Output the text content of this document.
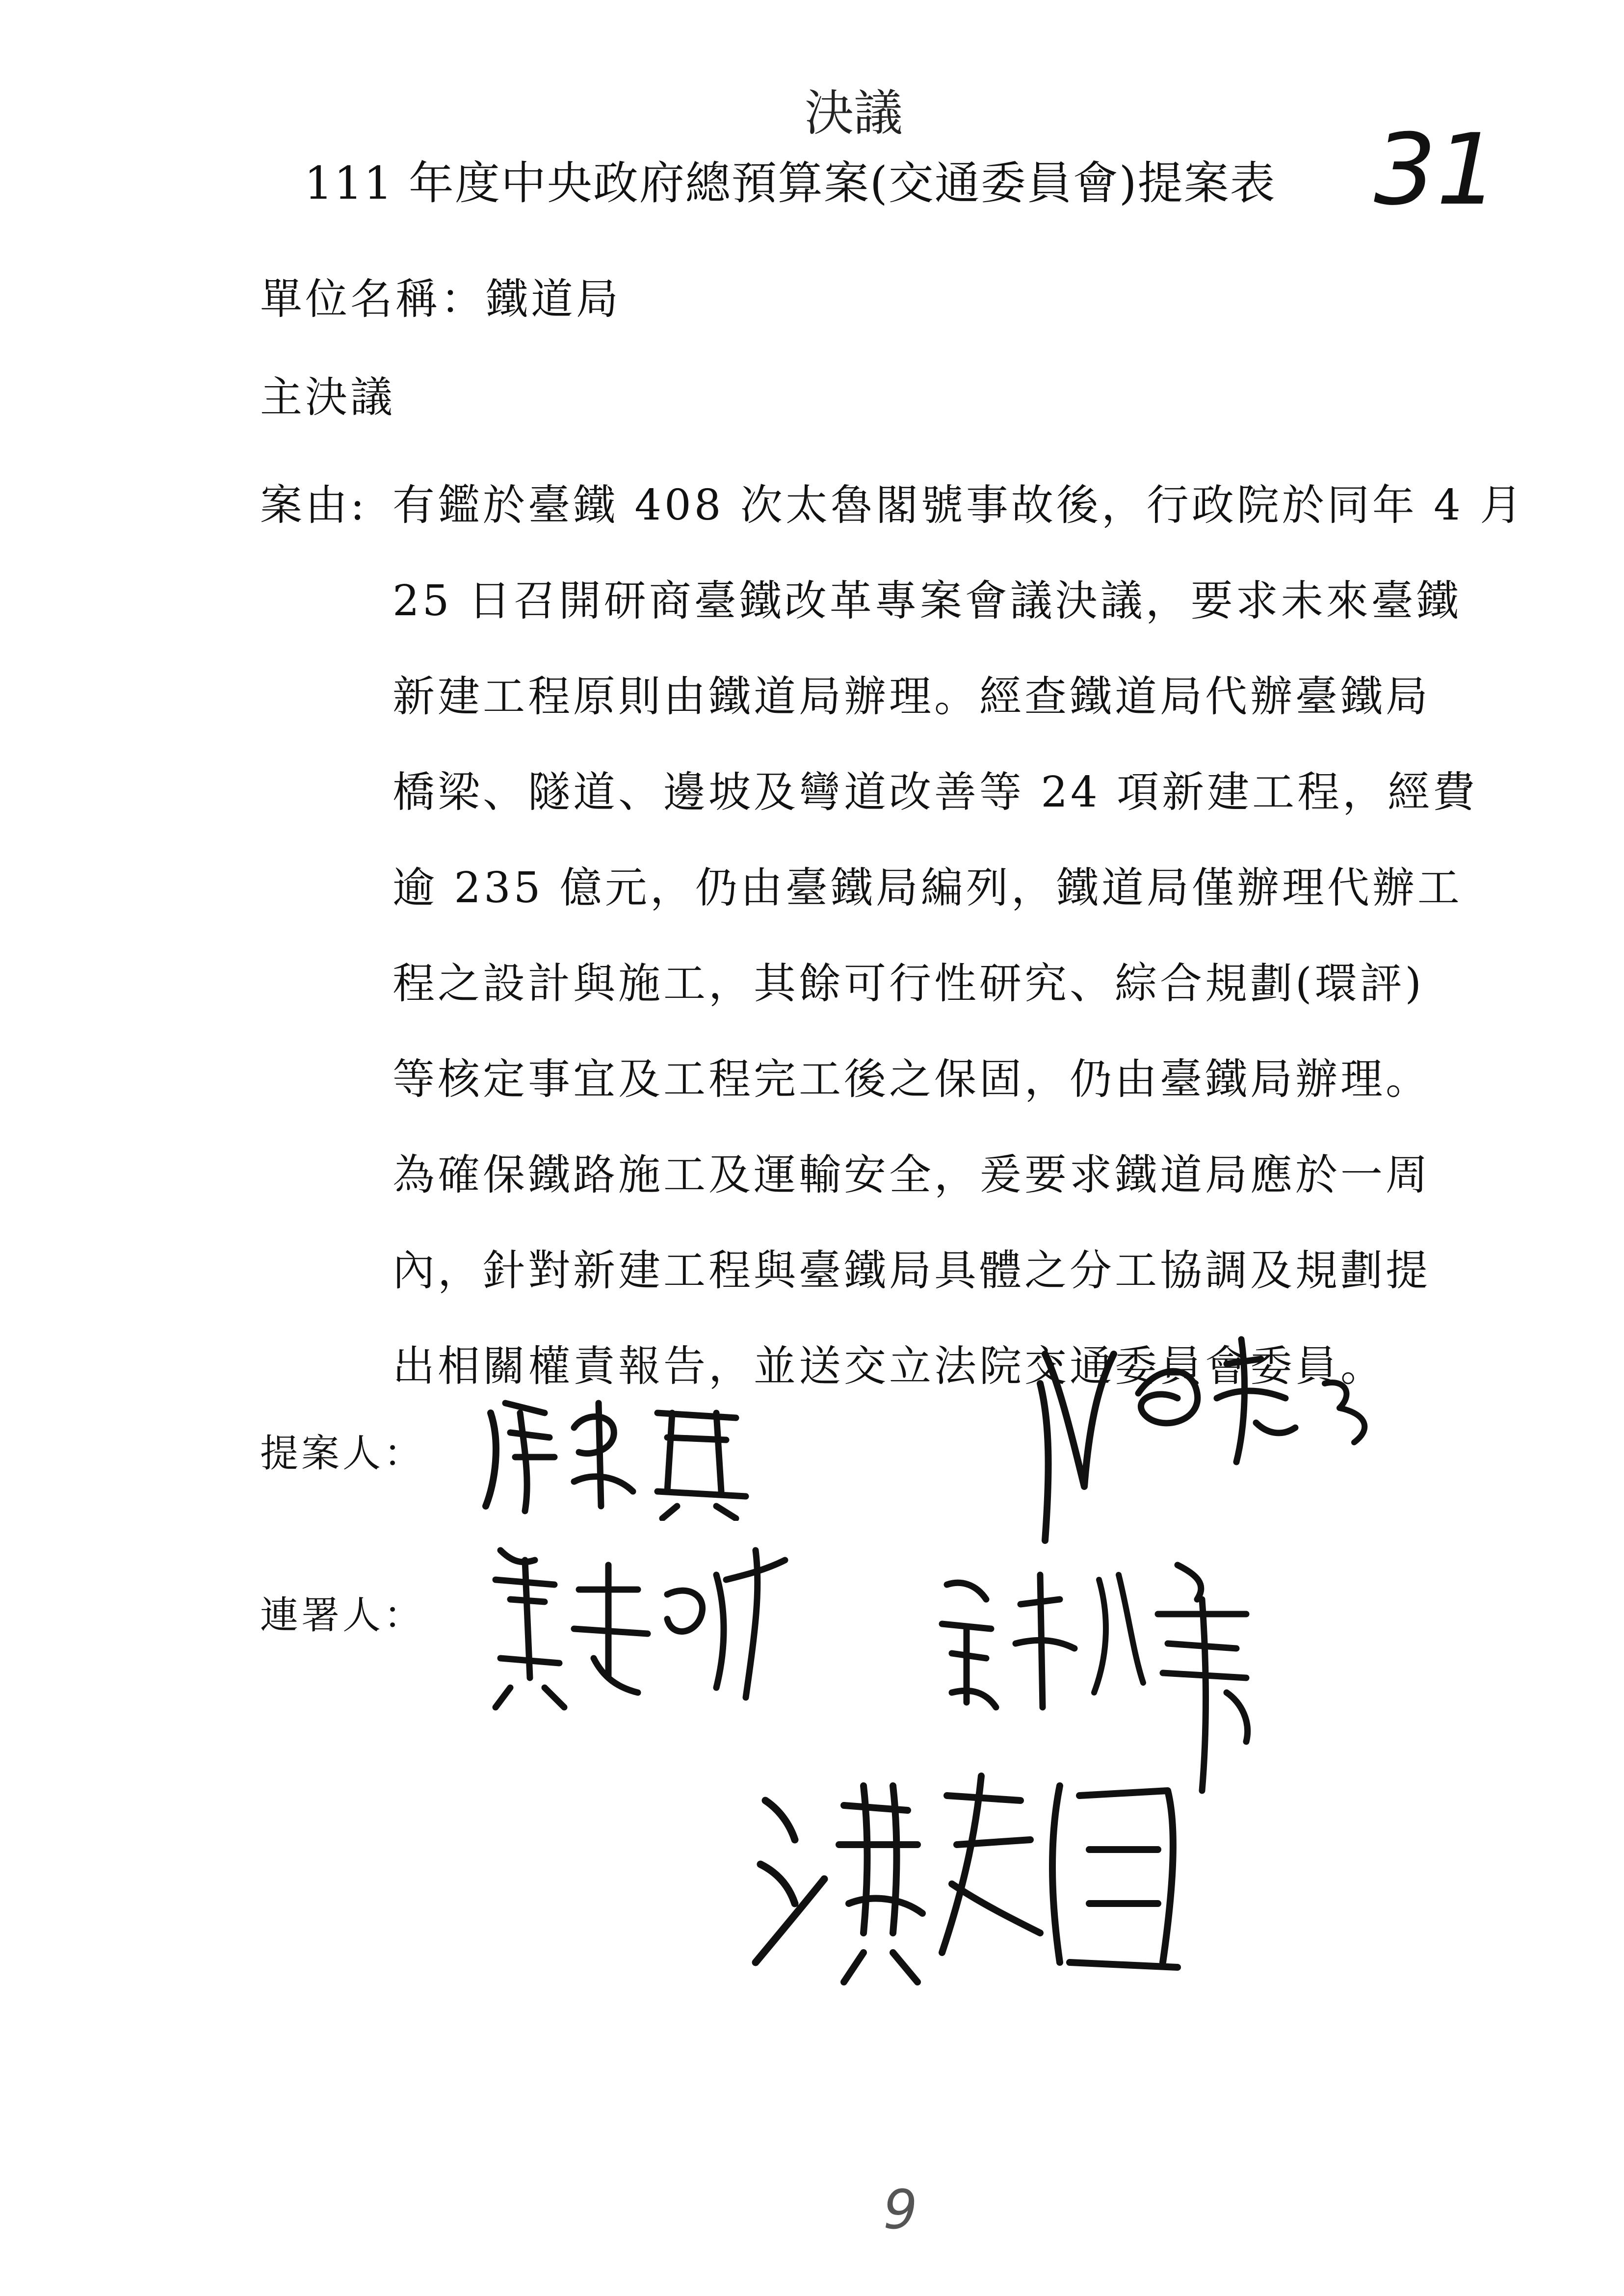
決議
111 年度中央政府總預算案(交通委員會)提案表 31
單位名稱：鐵道局
主決議
案由: 有鑑於臺鐵 408 次太魯閣號事故後，行政院於同年 4 月
25 日召開研商臺鐵改革專案會議決議，要求未來臺鐵
新建工程原則由鐵道局辦理。經查鐵道局代辦臺鐵局
橋梁、隧道、邊坡及彎道改善等 24 項新建工程，經費
逾 235 億元，仍由臺鐵局編列，鐵道局僅辦理代辦工
程之設計與施工，其餘可行性研究、綜合規劃(環評)
等核定事宜及工程完工後之保固，仍由臺鐵局辦理。
為確保鐵路施工及運輸安全，爰要求鐵道局應於一周
內，針對新建工程與臺鐵局具體之分工協調及規劃提
出相關權責報告，並送交立法院交通委員會委員。
提案人：
連署人：
9
